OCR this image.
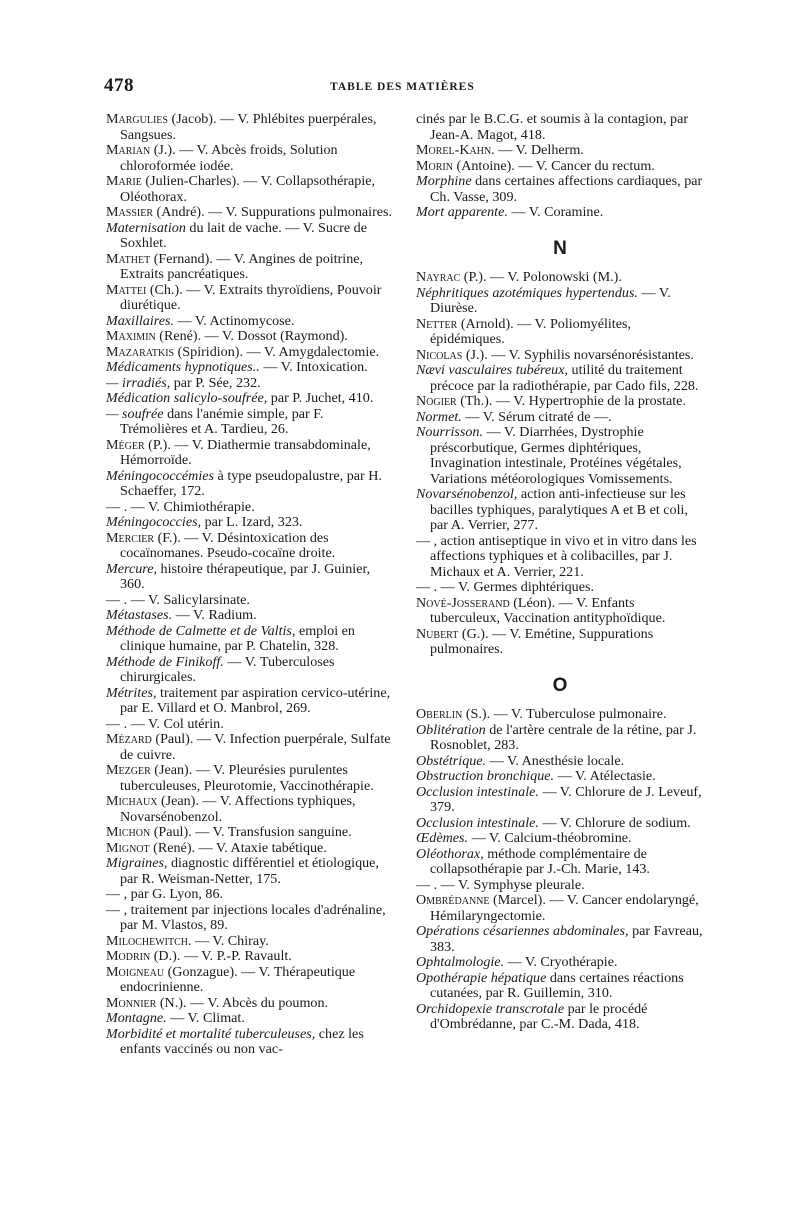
478	TABLE DES MATIÈRES

Margulies (Jacob). — V. Phlébites puerpérales, Sangsues.

Marian (J.). — V. Abcès froids, Solution chloroformée iodée.

Marie (Julien-Charles). — V. Collapsothérapie, Oléothorax.

Massier (André). — V. Suppurations pulmonaires.

Maternisation du lait de vache. — V. Sucre de Soxhlet.

Mathet (Fernand). — V. Angines de poitrine, Extraits pancréatiques.

Mattei (Ch.). — V. Extraits thyroïdiens, Pouvoir diurétique.

Maxillaires. — V. Actinomycose.

Maximin (René). — V. Dossot (Raymond).

Mazaratkis (Spiridion). — V. Amygdalectomie.

Médicaments hypnotiques.. — V. Intoxication.

— irradiés, par P. Sée, 232.

Médication salicylo-soufrée, par P. Juchet, 410.

— soufrée dans l'anémie simple, par F. Trémolières et A. Tardieu, 26.

Méger (P.). — V. Diathermie transabdominale, Hémorroïde.

Méningococcémies à type pseudopalustre, par H. Schaeffer, 172.

— . — V. Chimiothérapie.

Méningococcies, par L. Izard, 323.

Mercier (F.). — V. Désintoxication des cocaïnomanes. Pseudo-cocaïne droite.

Mercure, histoire thérapeutique, par J. Guinier, 360.

— . — V. Salicylarsinate.

Métastases. — V. Radium.

Méthode de Calmette et de Valtis, emploi en clinique humaine, par P. Chatelin, 328.

Méthode de Finikoff. — V. Tuberculoses chirurgicales.

Métrites, traitement par aspiration cervico-utérine, par E. Villard et O. Manbrol, 269.

— . — V. Col utérin.

Mézard (Paul). — V. Infection puerpérale, Sulfate de cuivre.

Mezger (Jean). — V. Pleurésies purulentes tuberculeuses, Pleurotomie, Vaccinothérapie.

Michaux (Jean). — V. Affections typhiques, Novarsénobenzol.

Michon (Paul). — V. Transfusion sanguine.

Mignot (René). — V. Ataxie tabétique.

Migraines, diagnostic différentiel et étiologique, par R. Weisman-Netter, 175.

— , par G. Lyon, 86.

— , traitement par injections locales d'adrénaline, par M. Vlastos, 89.

Milochewitch. — V. Chiray.

Modrin (D.). — V. P.-P. Ravault.

Moigneau (Gonzague). — V. Thérapeutique endocrinienne.

Monnier (N.). — V. Abcès du poumon.

Montagne. — V. Climat.

Morbidité et mortalité tuberculeuses, chez les enfants vaccinés ou non vac-

cinés par le B.C.G. et soumis à la contagion, par Jean-A. Magot, 418.

Morel-Kahn. — V. Delherm.

Morin (Antoine). — V. Cancer du rectum.

Morphine dans certaines affections cardiaques, par Ch. Vasse, 309.

Mort apparente. — V. Coramine.

N

Nayrac (P.). — V. Polonowski (M.).

Néphritiques azotémiques hypertendus. — V. Diurèse.

Netter (Arnold). — V. Poliomyélites, épidémiques.

Nicolas (J.). — V. Syphilis novarsénorésistantes.

Nævi vasculaires tubéreux, utilité du traitement précoce par la radiothérapie, par Cado fils, 228.

Nogier (Th.). — V. Hypertrophie de la prostate.

Normet. — V. Sérum citraté de —.

Nourrisson. — V. Diarrhées, Dystrophie préscorbutique, Germes diphtériques, Invagination intestinale, Protéines végétales, Variations météorologiques Vomissements.

Novarsénobenzol, action anti-infectieuse sur les bacilles typhiques, paralytiques A et B et coli, par A. Verrier, 277.

— , action antiseptique in vivo et in vitro dans les affections typhiques et à colibacilles, par J. Michaux et A. Verrier, 221.

— . — V. Germes diphtériques.

Nové-Josserand (Léon). — V. Enfants tuberculeux, Vaccination antityphoïdique.

Nubert (G.). — V. Emétine, Suppurations pulmonaires.

O

Oberlin (S.). — V. Tuberculose pulmonaire.

Oblitération de l'artère centrale de la rétine, par J. Rosnoblet, 283.

Obstétrique. — V. Anesthésie locale.

Obstruction bronchique. — V. Atélectasie.

Occlusion intestinale. — V. Chlorure de J. Leveuf, 379.

Occlusion intestinale. — V. Chlorure de sodium.

Œdèmes. — V. Calcium-théobromine.

Oléothorax, méthode complémentaire de collapsothérapie par J.-Ch. Marie, 143.

— . — V. Symphyse pleurale.

Ombrédanne (Marcel). — V. Cancer endolaryngé, Hémilaryngectomie.

Opérations césariennes abdominales, par Favreau, 383.

Ophtalmologie. — V. Cryothérapie.

Opothérapie hépatique dans certaines réactions cutanées, par R. Guillemin, 310.

Orchidopexie transcrotale par le procédé d'Ombrédanne, par C.-M. Dada, 418.
